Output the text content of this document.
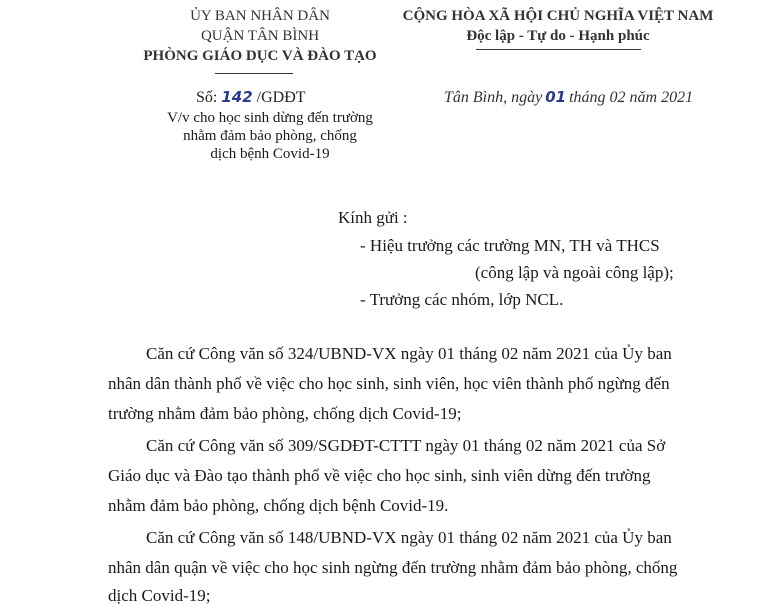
ỦY BAN NHÂN DÂN
QUẬN TÂN BÌNH
PHÒNG GIÁO DỤC VÀ ĐÀO TẠO
CỘNG HÒA XÃ HỘI CHỦ NGHĨA VIỆT NAM
Độc lập - Tự do - Hạnh phúc
Số: 142 /GDĐT
V/v cho học sinh dừng đến trường
nhằm đảm bảo phòng, chống
dịch bệnh Covid-19
Tân Bình, ngày 01 tháng 02 năm 2021
Kính gửi :
- Hiệu trưởng các trường MN, TH và THCS
(công lập và ngoài công lập);
- Trưởng các nhóm, lớp NCL.
Căn cứ Công văn số 324/UBND-VX ngày 01 tháng 02 năm 2021 của Ủy ban
nhân dân thành phố về việc cho học sinh, sinh viên, học viên thành phố ngừng đến
trường nhằm đảm bảo phòng, chống dịch Covid-19;
Căn cứ Công văn số 309/SGDĐT-CTTT ngày 01 tháng 02 năm 2021 của Sở
Giáo dục và Đào tạo thành phố về việc cho học sinh, sinh viên dừng đến trường
nhằm đảm bảo phòng, chống dịch bệnh Covid-19.
Căn cứ Công văn số 148/UBND-VX ngày 01 tháng 02 năm 2021 của Ủy ban
nhân dân quận về việc cho học sinh ngừng đến trường nhằm đảm bảo phòng, chống
dịch Covid-19;
